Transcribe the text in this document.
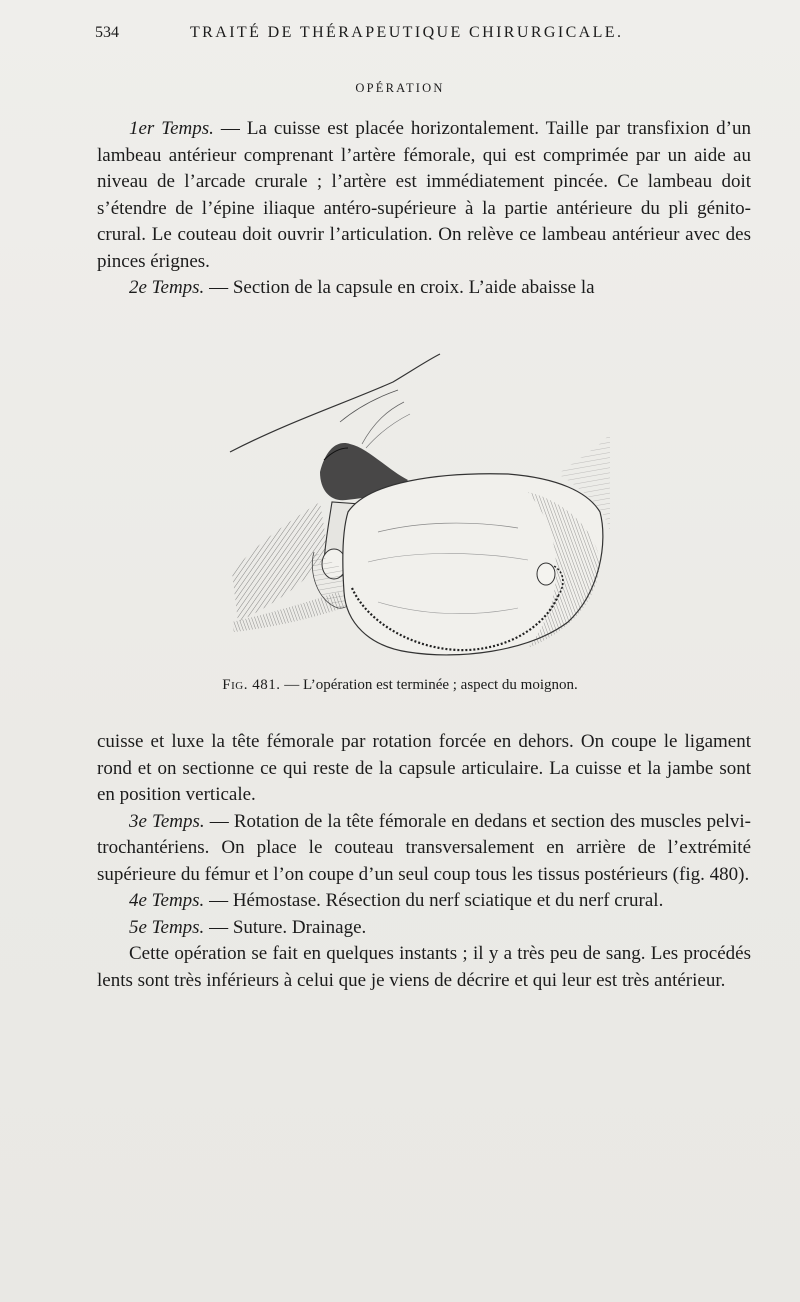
534	TRAITÉ DE THÉRAPEUTIQUE CHIRURGICALE.
OPÉRATION

1er Temps. — La cuisse est placée horizontalement. Taille par transfixion d’un lambeau antérieur comprenant l’artère fémorale, qui est comprimée par un aide au niveau de l’arcade crurale ; l’artère est immédiatement pincée. Ce lambeau doit s’étendre de l’épine iliaque antéro-supérieure à la partie antérieure du pli génito-crural. Le couteau doit ouvrir l’articulation. On relève ce lambeau antérieur avec des pinces érignes.

2e Temps. — Section de la capsule en croix. L’aide abaisse la

Fig. 481. — L’opération est terminée ; aspect du moignon.

cuisse et luxe la tête fémorale par rotation forcée en dehors. On coupe le ligament rond et on sectionne ce qui reste de la capsule articulaire. La cuisse et la jambe sont en position verticale.

3e Temps. — Rotation de la tête fémorale en dedans et section des muscles pelvi-trochantériens. On place le couteau transversalement en arrière de l’extrémité supérieure du fémur et l’on coupe d’un seul coup tous les tissus postérieurs (fig. 480).

4e Temps. — Hémostase. Résection du nerf sciatique et du nerf crural.

5e Temps. — Suture. Drainage.

Cette opération se fait en quelques instants ; il y a très peu de sang. Les procédés lents sont très inférieurs à celui que je viens de décrire et qui leur est très antérieur.
